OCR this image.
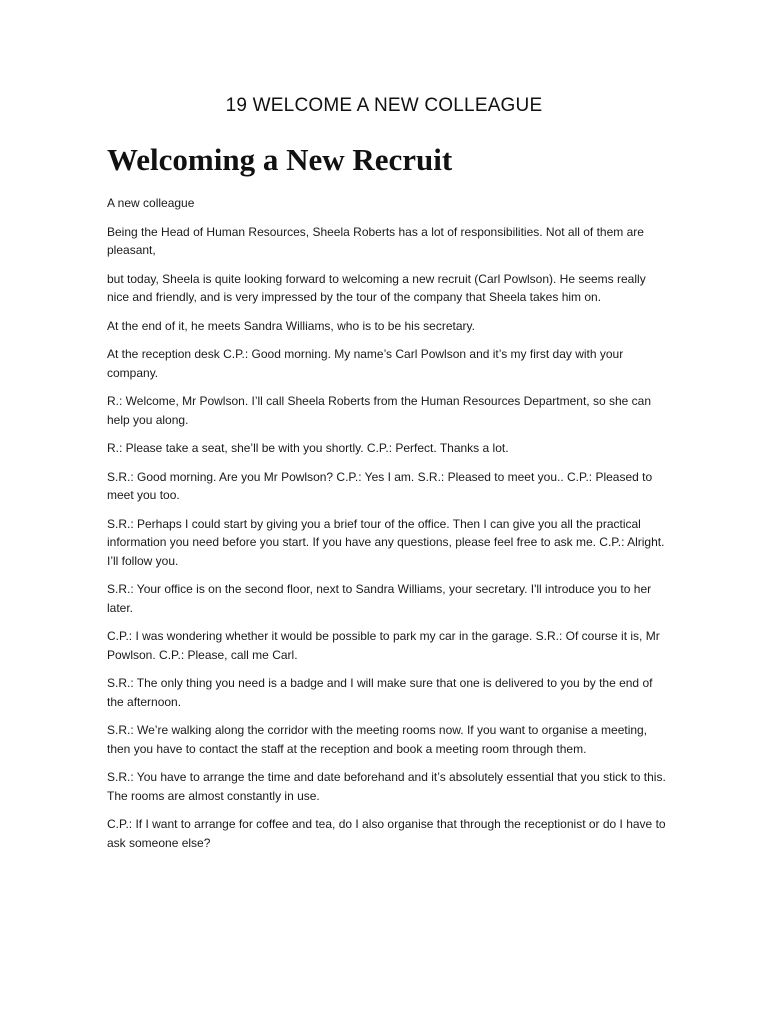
19 WELCOME A NEW COLLEAGUE
Welcoming a New Recruit

A new colleague

Being the Head of Human Resources, Sheela Roberts has a lot of responsibilities. Not all of them are pleasant,

but today, Sheela is quite looking forward to welcoming a new recruit (Carl Powlson). He seems really nice and friendly, and is very impressed by the tour of the company that Sheela takes him on.

At the end of it, he meets Sandra Williams, who is to be his secretary.

At the reception desk C.P.: Good morning. My name’s Carl Powlson and it’s my first day with your company.

R.: Welcome, Mr Powlson. I’ll call Sheela Roberts from the Human Resources Department, so she can help you along.

R.: Please take a seat, she’ll be with you shortly. C.P.: Perfect. Thanks a lot.

S.R.: Good morning. Are you Mr Powlson? C.P.: Yes I am. S.R.: Pleased to meet you.. C.P.: Pleased to meet you too.

S.R.: Perhaps I could start by giving you a brief tour of the office. Then I can give you all the practical information you need before you start. If you have any questions, please feel free to ask me. C.P.: Alright. I’ll follow you.

S.R.: Your office is on the second floor, next to Sandra Williams, your secretary. I'll introduce you to her later.

C.P.: I was wondering whether it would be possible to park my car in the garage. S.R.: Of course it is, Mr Powlson. C.P.: Please, call me Carl.

S.R.: The only thing you need is a badge and I will make sure that one is delivered to you by the end of the afternoon.

S.R.: We’re walking along the corridor with the meeting rooms now. If you want to organise a meeting, then you have to contact the staff at the reception and book a meeting room through them.

S.R.: You have to arrange the time and date beforehand and it’s absolutely essential that you stick to this. The rooms are almost constantly in use.

C.P.: If I want to arrange for coffee and tea, do I also organise that through the receptionist or do I have to ask someone else?
